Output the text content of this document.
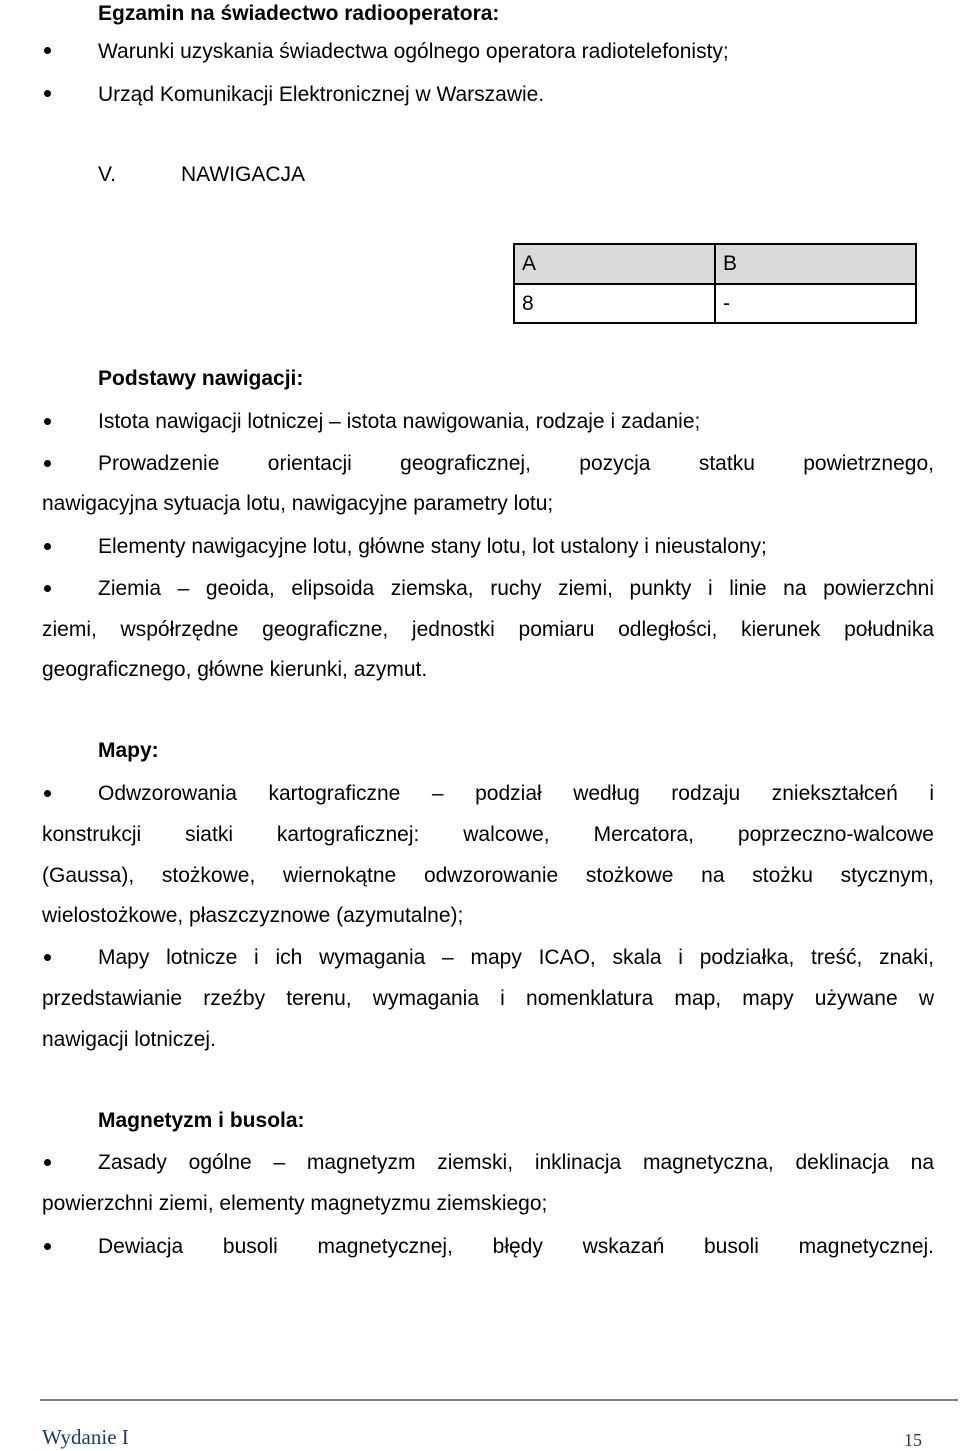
Egzamin na świadectwo radiooperatora:
Warunki uzyskania świadectwa ogólnego operatora radiotelefonisty;
Urząd Komunikacji Elektronicznej w Warszawie.
V.	NAWIGACJA
A	B
8	-
Podstawy nawigacji:
Istota nawigacji lotniczej – istota nawigowania, rodzaje i zadanie;
Prowadzenie orientacji geograficznej, pozycja statku powietrznego,
nawigacyjna sytuacja lotu, nawigacyjne parametry lotu;
Elementy nawigacyjne lotu, główne stany lotu, lot ustalony i nieustalony;
Ziemia – geoida, elipsoida ziemska, ruchy ziemi, punkty i linie na powierzchni
ziemi, współrzędne geograficzne, jednostki pomiaru odległości, kierunek południka
geograficznego, główne kierunki, azymut.
Mapy:
Odwzorowania kartograficzne – podział według rodzaju zniekształceń i
konstrukcji siatki kartograficznej: walcowe, Mercatora, poprzeczno-walcowe
(Gaussa), stożkowe, wiernokątne odwzorowanie stożkowe na stożku stycznym,
wielostożkowe, płaszczyznowe (azymutalne);
Mapy lotnicze i ich wymagania – mapy ICAO, skala i podziałka, treść, znaki,
przedstawianie rzeźby terenu, wymagania i nomenklatura map, mapy używane w
nawigacji lotniczej.
Magnetyzm i busola:
Zasady ogólne – magnetyzm ziemski, inklinacja magnetyczna, deklinacja na
powierzchni ziemi, elementy magnetyzmu ziemskiego;
Dewiacja busoli magnetycznej, błędy wskazań busoli magnetycznej.
Wydanie I	15
